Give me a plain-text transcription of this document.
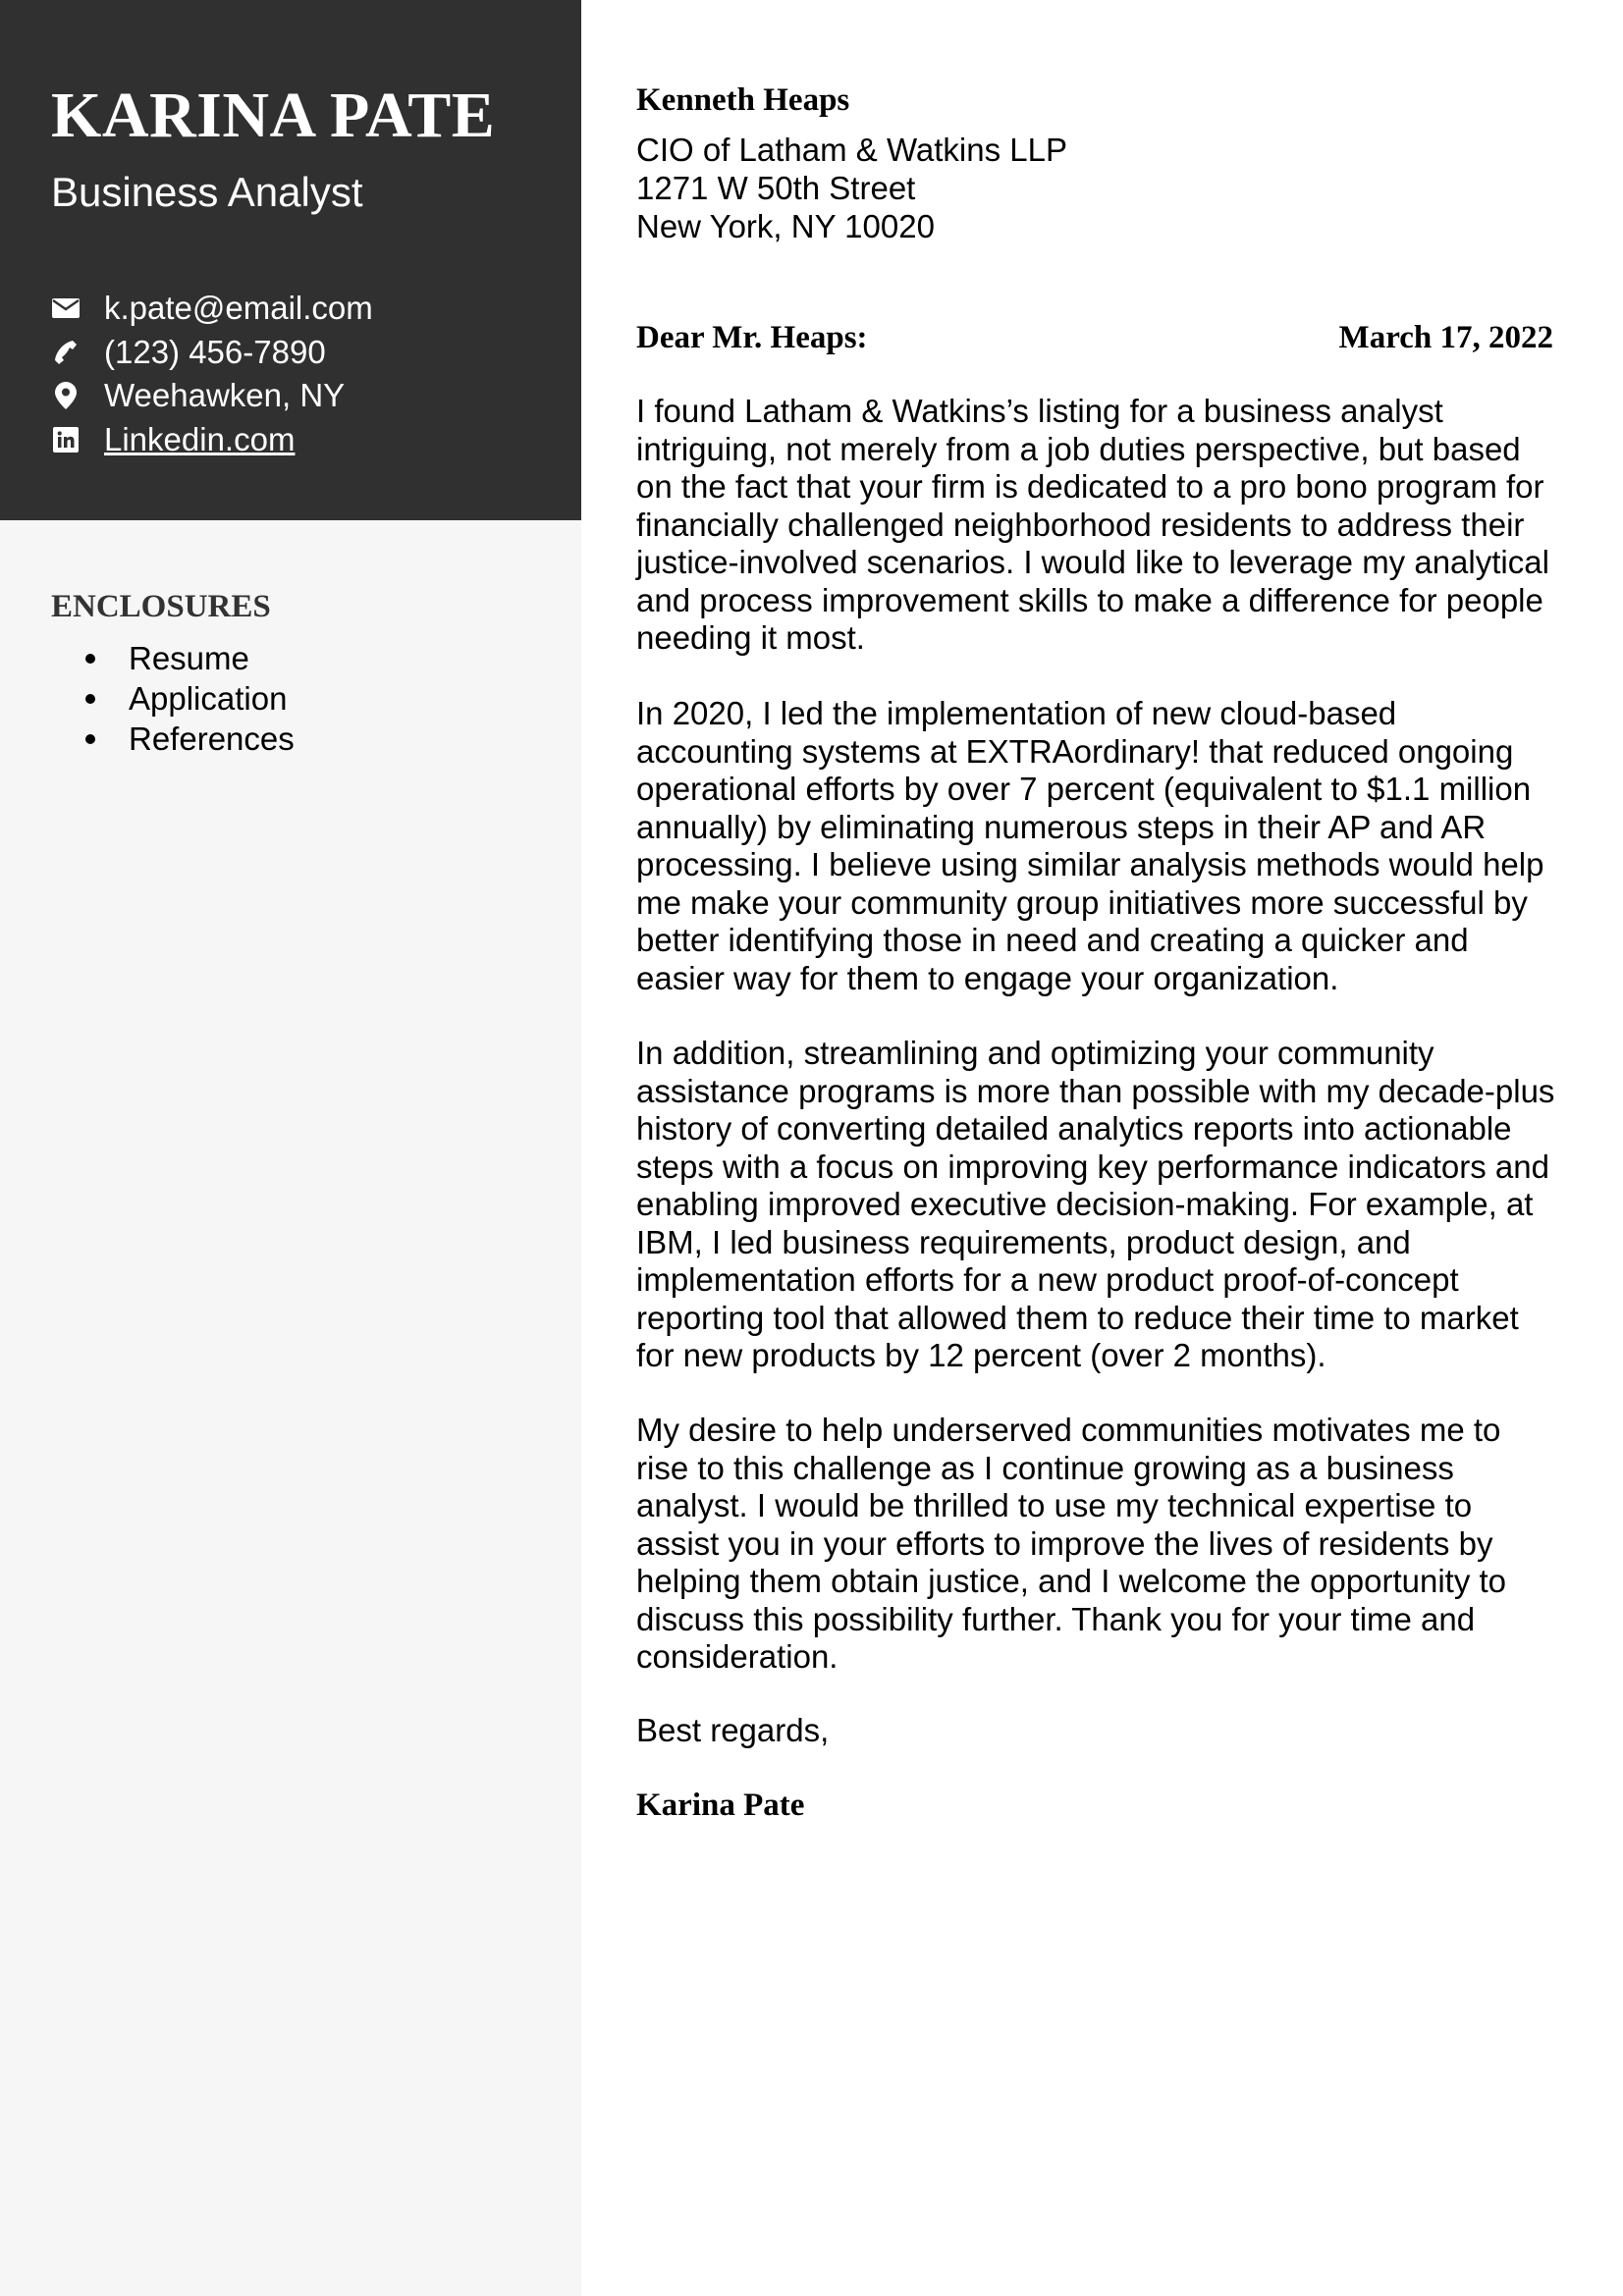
KARINA PATE
Business Analyst
k.pate@email.com
(123) 456-7890
Weehawken, NY
Linkedin.com
ENCLOSURES
Resume
Application
References

Kenneth Heaps

CIO of Latham & Watkins LLP

1271 W 50th Street

New York, NY 10020

Dear Mr. Heaps:	March 17, 2022

I found Latham & Watkins’s listing for a business analyst
intriguing, not merely from a job duties perspective, but based
on the fact that your firm is dedicated to a pro bono program for
financially challenged neighborhood residents to address their
justice-involved scenarios. I would like to leverage my analytical
and process improvement skills to make a difference for people
needing it most.

In 2020, I led the implementation of new cloud-based
accounting systems at EXTRAordinary! that reduced ongoing
operational efforts by over 7 percent (equivalent to $1.1 million
annually) by eliminating numerous steps in their AP and AR
processing. I believe using similar analysis methods would help
me make your community group initiatives more successful by
better identifying those in need and creating a quicker and
easier way for them to engage your organization.

In addition, streamlining and optimizing your community
assistance programs is more than possible with my decade-plus
history of converting detailed analytics reports into actionable
steps with a focus on improving key performance indicators and
enabling improved executive decision-making. For example, at
IBM, I led business requirements, product design, and
implementation efforts for a new product proof-of-concept
reporting tool that allowed them to reduce their time to market
for new products by 12 percent (over 2 months).

My desire to help underserved communities motivates me to
rise to this challenge as I continue growing as a business
analyst. I would be thrilled to use my technical expertise to
assist you in your efforts to improve the lives of residents by
helping them obtain justice, and I welcome the opportunity to
discuss this possibility further. Thank you for your time and
consideration.

Best regards,

Karina Pate
